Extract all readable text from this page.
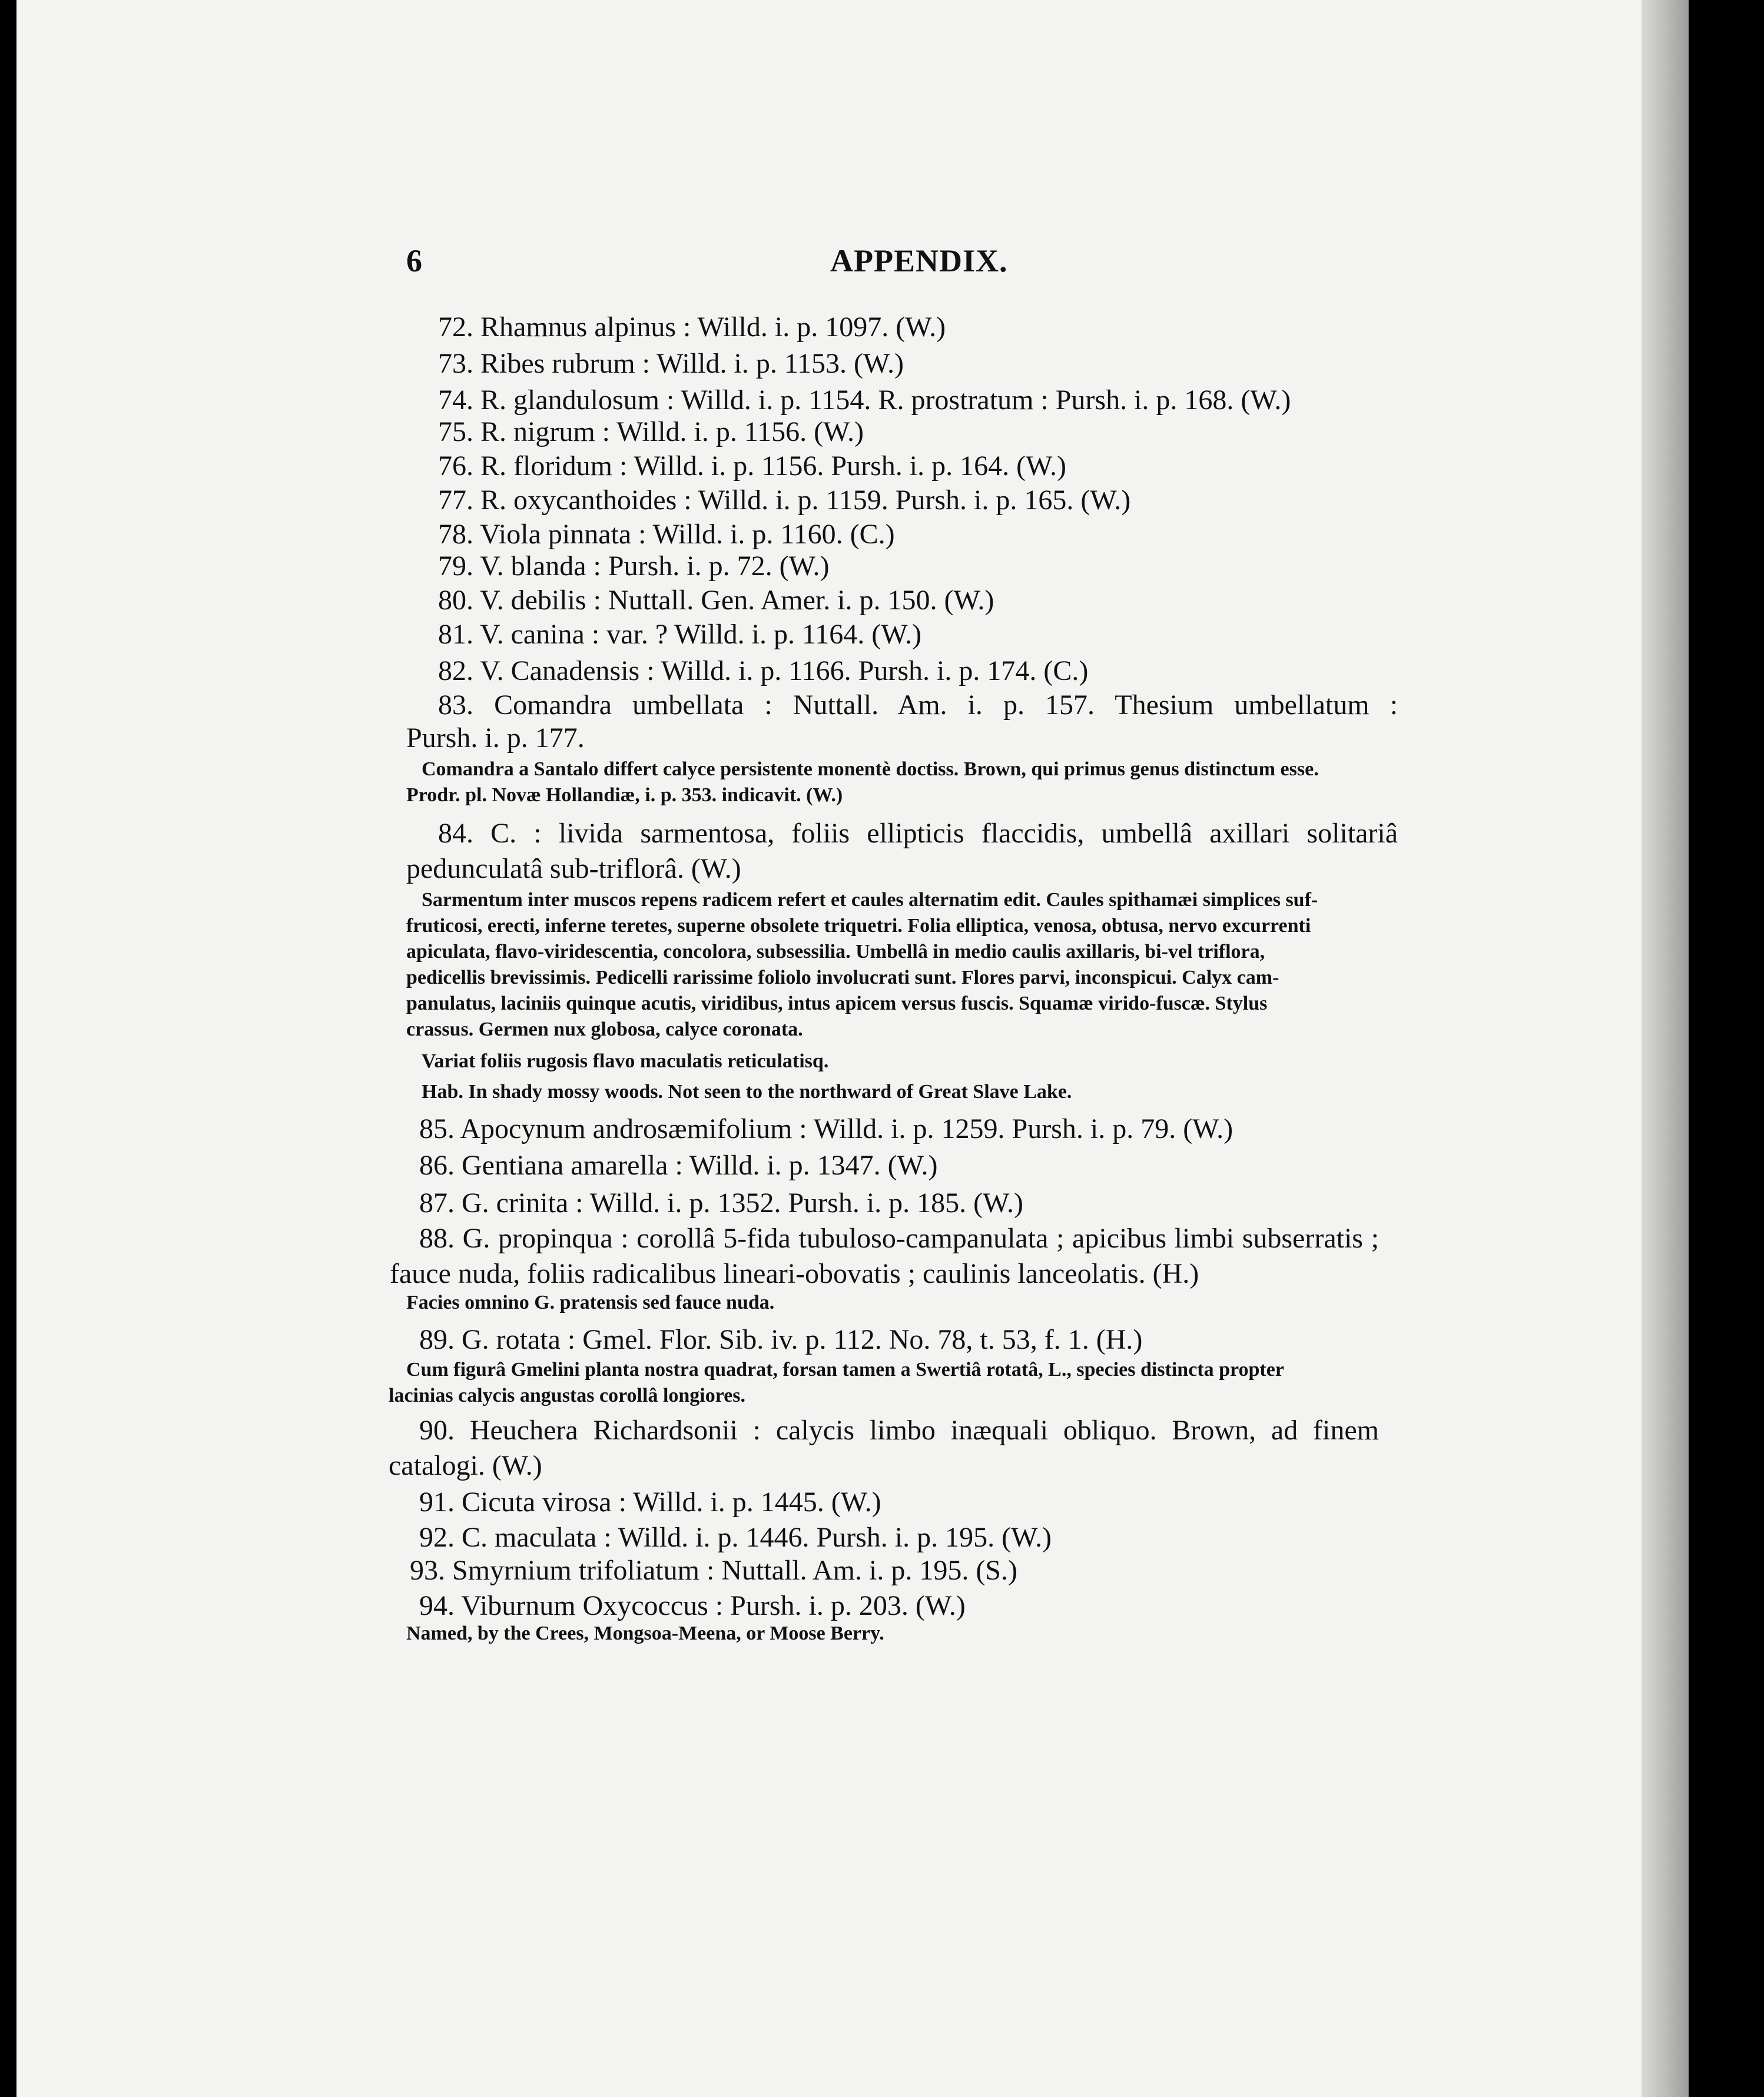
6	APPENDIX.
72. Rhamnus alpinus : Willd. i. p. 1097. (W.)
73. Ribes rubrum : Willd. i. p. 1153. (W.)
74. R. glandulosum : Willd. i. p. 1154. R. prostratum : Pursh. i. p. 168. (W.)
75. R. nigrum : Willd. i. p. 1156. (W.)
76. R. floridum : Willd. i. p. 1156. Pursh. i. p. 164. (W.)
77. R. oxycanthoides : Willd. i. p. 1159. Pursh. i. p. 165. (W.)
78. Viola pinnata : Willd. i. p. 1160. (C.)
79. V. blanda : Pursh. i. p. 72. (W.)
80. V. debilis : Nuttall. Gen. Amer. i. p. 150. (W.)
81. V. canina : var. ? Willd. i. p. 1164. (W.)
82. V. Canadensis : Willd. i. p. 1166. Pursh. i. p. 174. (C.)
83. Comandra umbellata : Nuttall. Am. i. p. 157. Thesium umbellatum :
Pursh. i. p. 177.
Comandra a Santalo differt calyce persistente monentè doctiss. Brown, qui primus genus distinctum esse.
Prodr. pl. Novæ Hollandiæ, i. p. 353. indicavit. (W.)
84. C. : livida sarmentosa, foliis ellipticis flaccidis, umbellâ axillari solitariâ
pedunculatâ sub-triflorâ. (W.)
Sarmentum inter muscos repens radicem refert et caules alternatim edit. Caules spithamæi simplices suf-
fruticosi, erecti, inferne teretes, superne obsolete triquetri. Folia elliptica, venosa, obtusa, nervo excurrenti
apiculata, flavo-viridescentia, concolora, subsessilia. Umbellâ in medio caulis axillaris, bi-vel triflora,
pedicellis brevissimis. Pedicelli rarissime foliolo involucrati sunt. Flores parvi, inconspicui. Calyx cam-
panulatus, laciniis quinque acutis, viridibus, intus apicem versus fuscis. Squamæ virido-fuscæ. Stylus
crassus. Germen nux globosa, calyce coronata.
Variat foliis rugosis flavo maculatis reticulatisq.
Hab. In shady mossy woods. Not seen to the northward of Great Slave Lake.
85. Apocynum androsæmifolium : Willd. i. p. 1259. Pursh. i. p. 79. (W.)
86. Gentiana amarella : Willd. i. p. 1347. (W.)
87. G. crinita : Willd. i. p. 1352. Pursh. i. p. 185. (W.)
88. G. propinqua : corollâ 5-fida tubuloso-campanulata ; apicibus limbi subserratis ;
fauce nuda, foliis radicalibus lineari-obovatis ; caulinis lanceolatis. (H.)
Facies omnino G. pratensis sed fauce nuda.
89. G. rotata : Gmel. Flor. Sib. iv. p. 112. No. 78, t. 53, f. 1. (H.)
Cum figurâ Gmelini planta nostra quadrat, forsan tamen a Swertiâ rotatâ, L., species distincta propter
lacinias calycis angustas corollâ longiores.
90. Heuchera Richardsonii : calycis limbo inæquali obliquo. Brown, ad finem
catalogi. (W.)
91. Cicuta virosa : Willd. i. p. 1445. (W.)
92. C. maculata : Willd. i. p. 1446. Pursh. i. p. 195. (W.)
93. Smyrnium trifoliatum : Nuttall. Am. i. p. 195. (S.)
94. Viburnum Oxycoccus : Pursh. i. p. 203. (W.)
Named, by the Crees, Mongsoa-Meena, or Moose Berry.
